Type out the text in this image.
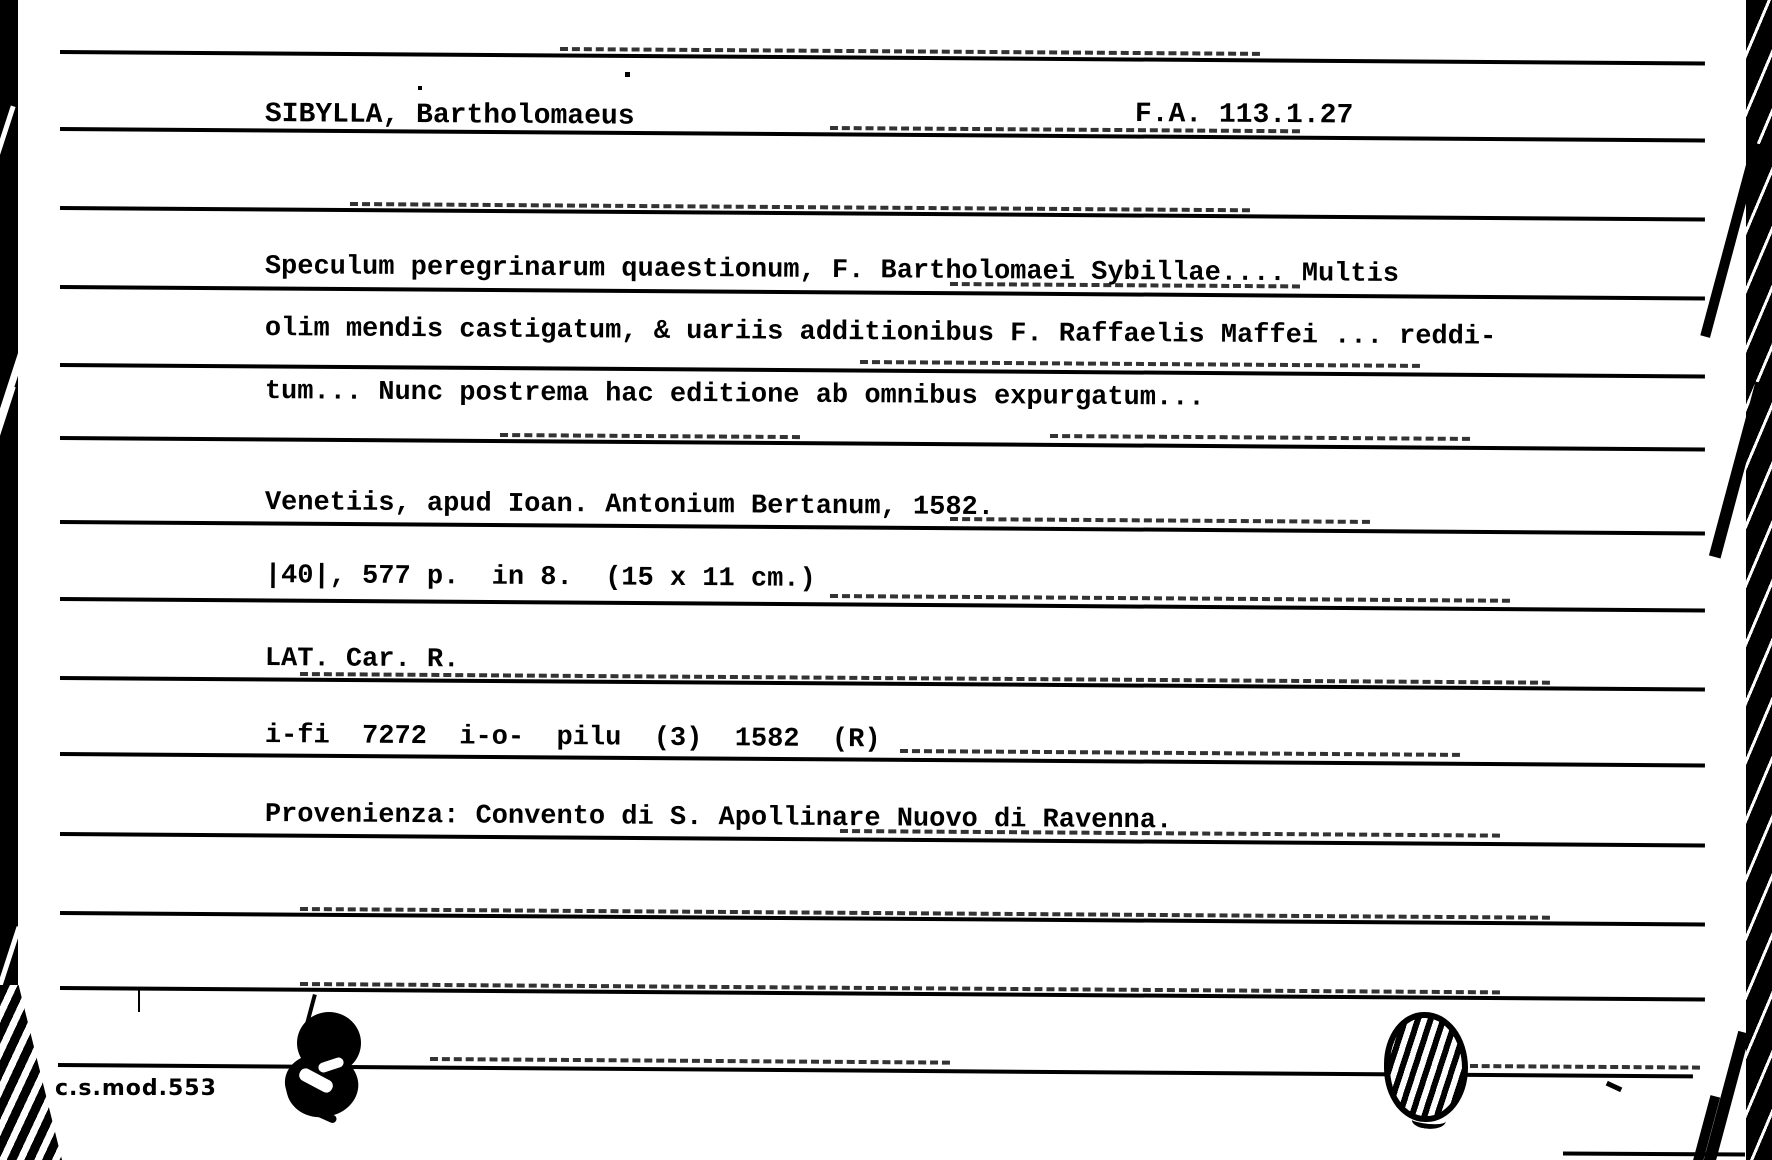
SIBYLLA, Bartholomaeus	F.A. 113.1.27
Speculum peregrinarum quaestionum, F. Bartholomaei Sybillae.... Multis
olim mendis castigatum, & uariis additionibus F. Raffaelis Maffei ... reddi-
tum... Nunc postrema hac editione ab omnibus expurgatum...
Venetiis, apud Ioan. Antonium Bertanum, 1582.
|40|, 577 p.  in 8.  (15 x 11 cm.)
LAT. Car. R.
i-fi  7272  i-o-  pilu  (3)  1582  (R)
Provenienza: Convento di S. Apollinare Nuovo di Ravenna.
c.s.mod.553
